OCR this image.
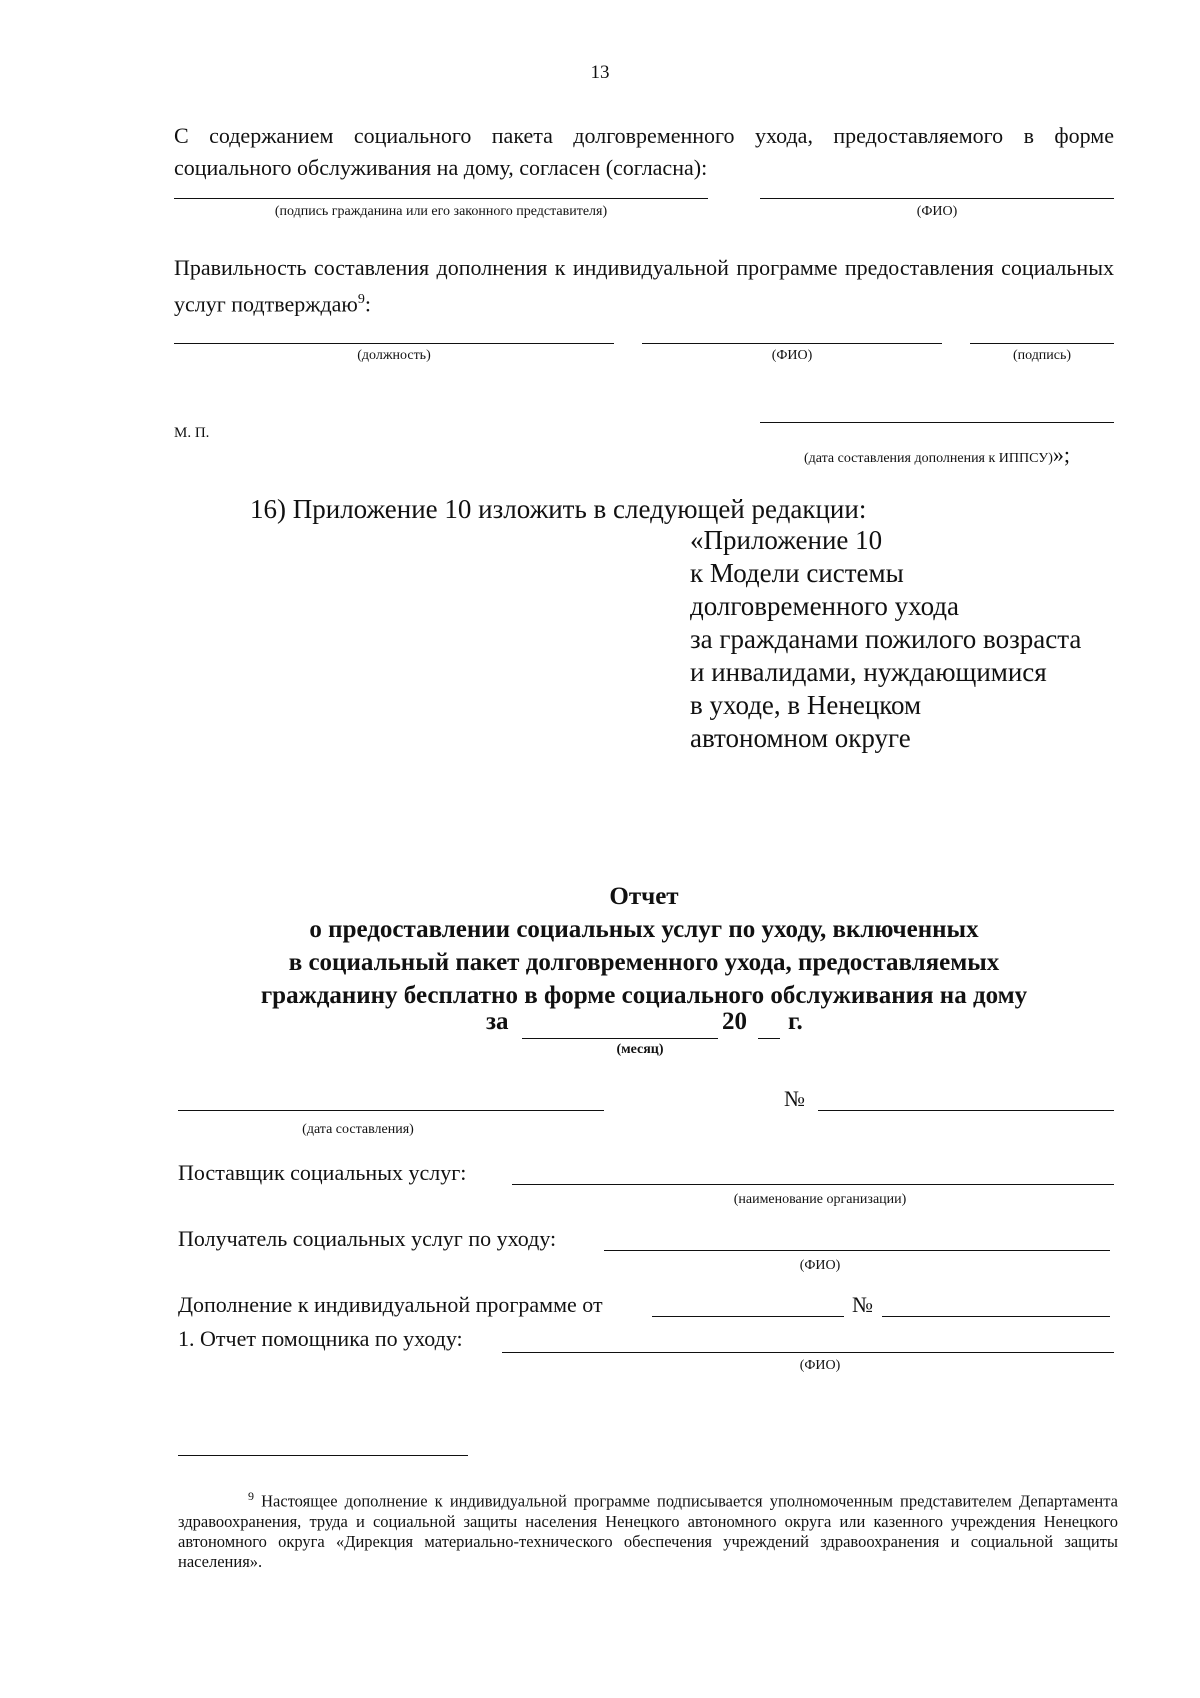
13
С содержанием социального пакета долговременного ухода, предоставляемого в форме социального обслуживания на дому, согласен (согласна):
(подпись гражданина или его законного представителя)	(ФИО)
Правильность составления дополнения к индивидуальной программе предоставления социальных услуг подтверждаю$^9$:
(должность)	(ФИО)	(подпись)
М. П.
(дата составления дополнения к ИППСУ)»;
16) Приложение 10 изложить в следующей редакции:
«Приложение 10
к Модели системы
долговременного ухода
за гражданами пожилого возраста
и инвалидами, нуждающимися
в уходе, в Ненецком
автономном округе
Отчет
о предоставлении социальных услуг по уходу, включенных
в социальный пакет долговременного ухода, предоставляемых
гражданину бесплатно в форме социального обслуживания на дому
за	20 г.
(месяц)
(дата составления)
№
Поставщик социальных услуг:
(наименование организации)
Получатель социальных услуг по уходу:
(ФИО)
Дополнение к индивидуальной программе от	№
1. Отчет помощника по уходу:
(ФИО)
$^9$ Настоящее дополнение к индивидуальной программе подписывается уполномоченным представителем Департамента здравоохранения, труда и социальной защиты населения Ненецкого автономного округа или казенного учреждения Ненецкого автономного округа «Дирекция материально-технического обеспечения учреждений здравоохранения и социальной защиты населения».
